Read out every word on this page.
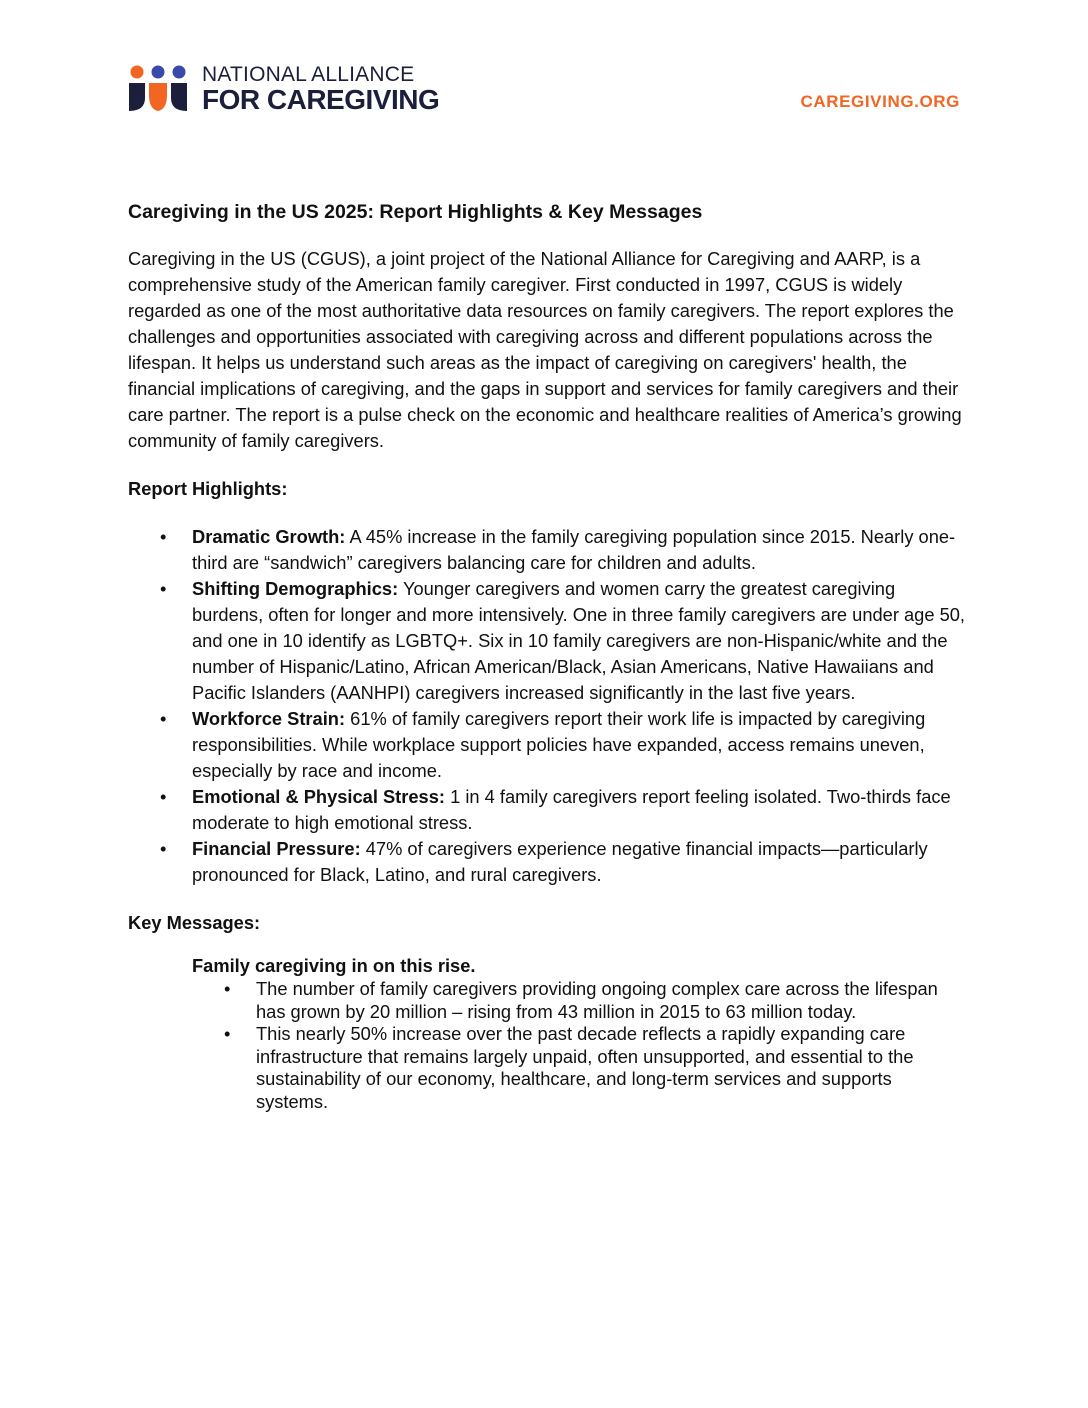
NATIONAL ALLIANCE
FOR CAREGIVING	CAREGIVING.ORG
Caregiving in the US 2025: Report Highlights & Key Messages

Caregiving in the US (CGUS), a joint project of the National Alliance for Caregiving and AARP, is a comprehensive study of the American family caregiver. First conducted in 1997, CGUS is widely regarded as one of the most authoritative data resources on family caregivers. The report explores the challenges and opportunities associated with caregiving across and different populations across the lifespan. It helps us understand such areas as the impact of caregiving on caregivers' health, the financial implications of caregiving, and the gaps in support and services for family caregivers and their care partner. The report is a pulse check on the economic and healthcare realities of America’s growing community of family caregivers.

Report Highlights:

• Dramatic Growth: A 45% increase in the family caregiving population since 2015. Nearly one-third are “sandwich” caregivers balancing care for children and adults.
• Shifting Demographics: Younger caregivers and women carry the greatest caregiving burdens, often for longer and more intensively. One in three family caregivers are under age 50, and one in 10 identify as LGBTQ+. Six in 10 family caregivers are non-Hispanic/white and the number of Hispanic/Latino, African American/Black, Asian Americans, Native Hawaiians and Pacific Islanders (AANHPI) caregivers increased significantly in the last five years.
• Workforce Strain: 61% of family caregivers report their work life is impacted by caregiving responsibilities. While workplace support policies have expanded, access remains uneven, especially by race and income.
• Emotional & Physical Stress: 1 in 4 family caregivers report feeling isolated. Two-thirds face moderate to high emotional stress.
• Financial Pressure: 47% of caregivers experience negative financial impacts—particularly pronounced for Black, Latino, and rural caregivers.

Key Messages:

Family caregiving in on this rise.
• The number of family caregivers providing ongoing complex care across the lifespan has grown by 20 million – rising from 43 million in 2015 to 63 million today.
• This nearly 50% increase over the past decade reflects a rapidly expanding care infrastructure that remains largely unpaid, often unsupported, and essential to the sustainability of our economy, healthcare, and long-term services and supports systems.
